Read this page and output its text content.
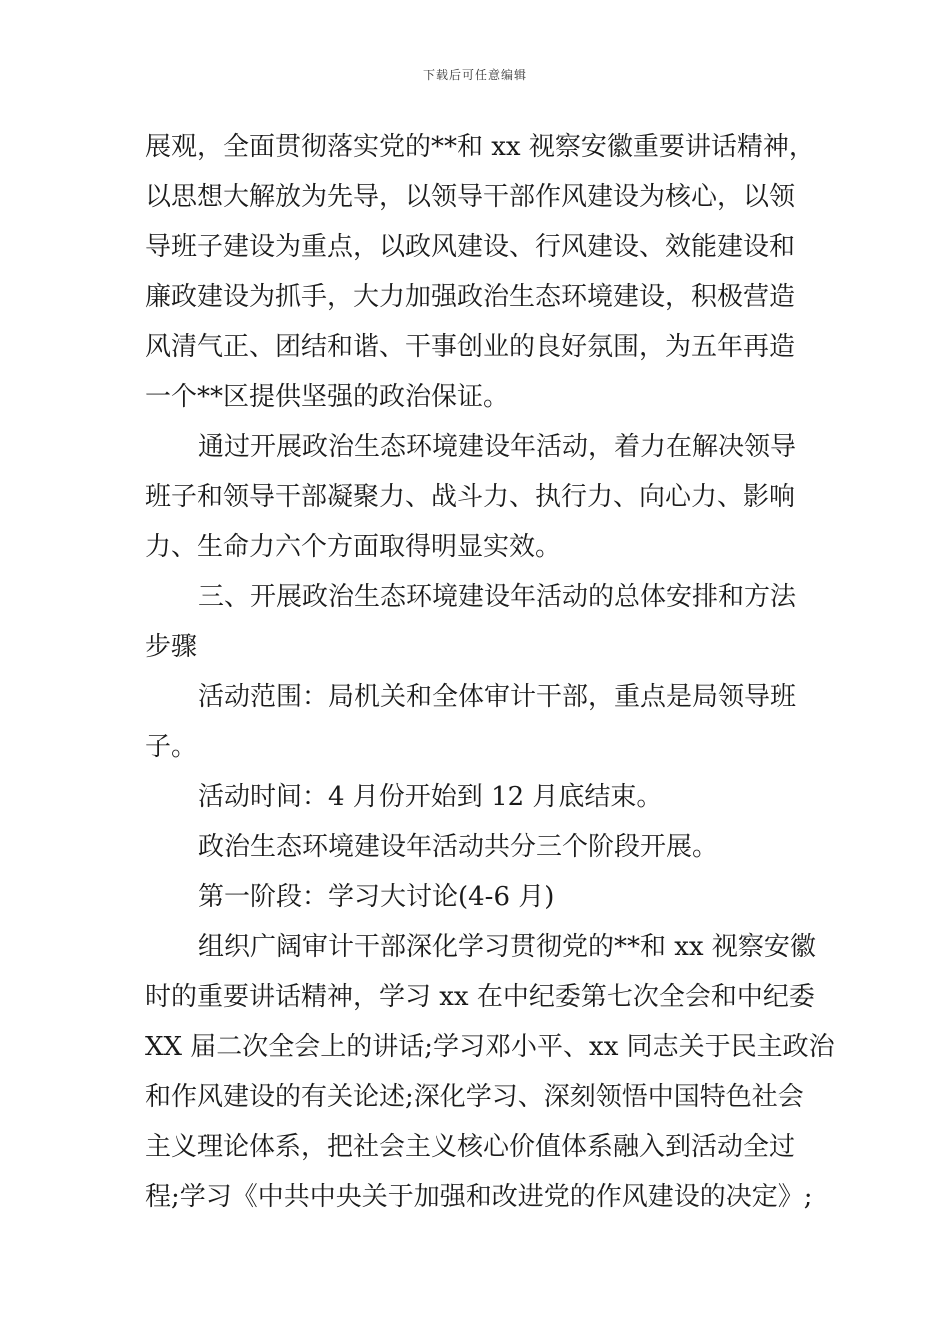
下载后可任意编辑
展观，全面贯彻落实党的**和 xx 视察安徽重要讲话精神，
以思想大解放为先导，以领导干部作风建设为核心，以领
导班子建设为重点，以政风建设、行风建设、效能建设和
廉政建设为抓手，大力加强政治生态环境建设，积极营造
风清气正、团结和谐、干事创业的良好氛围，为五年再造
一个**区提供坚强的政治保证。
通过开展政治生态环境建设年活动，着力在解决领导
班子和领导干部凝聚力、战斗力、执行力、向心力、影响
力、生命力六个方面取得明显实效。
三、开展政治生态环境建设年活动的总体安排和方法
步骤
活动范围：局机关和全体审计干部，重点是局领导班
子。
活动时间：4 月份开始到 12 月底结束。
政治生态环境建设年活动共分三个阶段开展。
第一阶段：学习大讨论(4-6 月)
组织广阔审计干部深化学习贯彻党的**和 xx 视察安徽
时的重要讲话精神，学习 xx 在中纪委第七次全会和中纪委
XX 届二次全会上的讲话;学习邓小平、xx 同志关于民主政治
和作风建设的有关论述;深化学习、深刻领悟中国特色社会
主义理论体系，把社会主义核心价值体系融入到活动全过
程;学习《中共中央关于加强和改进党的作风建设的决定》;
